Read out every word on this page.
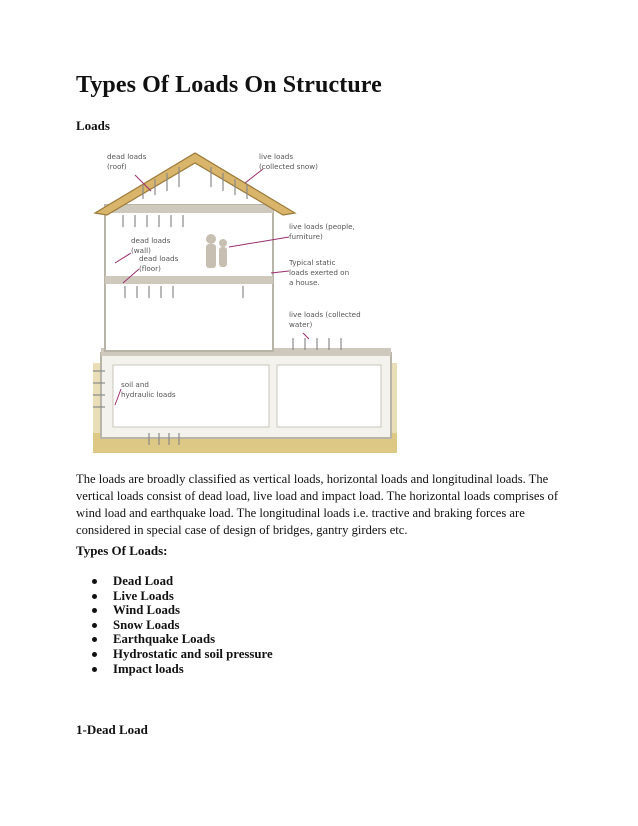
Types Of Loads On Structure

Loads

dead loads
(roof)
live loads
(collected snow)
dead loads
(wall)
dead loads
(floor)
live loads (people,
furniture)
Typical static
loads exerted on
a house.
live loads (collected
water)
soil and
hydraulic loads

The loads are broadly classified as vertical loads, horizontal loads and longitudinal loads. The
vertical loads consist of dead load, live load and impact load. The horizontal loads comprises of
wind load and earthquake load. The longitudinal loads i.e. tractive and braking forces are
considered in special case of design of bridges, gantry girders etc.

Types Of Loads:

Dead Load
Live Loads
Wind Loads
Snow Loads
Earthquake Loads
Hydrostatic and soil pressure
Impact loads

1-Dead Load
